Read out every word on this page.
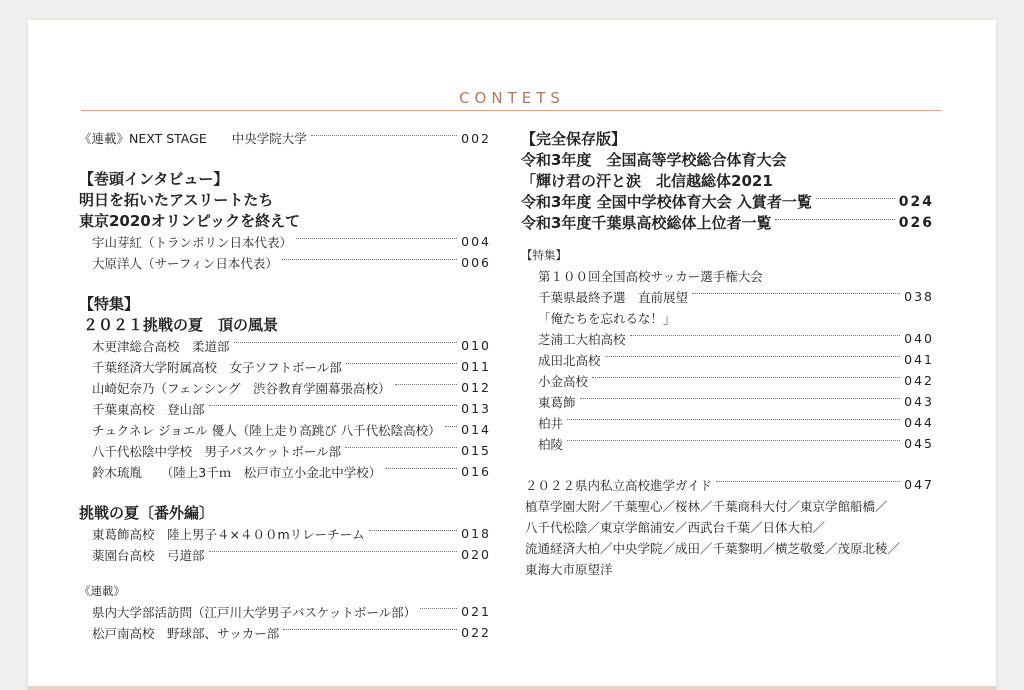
CONTETS
《連載》NEXT STAGE　　中央学院大学	002
【巻頭インタビュー】
明日を拓いたアスリートたち
東京2020オリンピックを終えて
宇山芽紅（トランポリン日本代表）	004
大原洋人（サーフィン日本代表）	006
【特集】
２０２１挑戦の夏　頂の風景
木更津総合高校　柔道部	010
千葉経済大学附属高校　女子ソフトボール部	011
山崎妃奈乃（フェンシング　渋谷教育学園幕張高校）	012
千葉東高校　登山部	013
チュクネレ ジョエル 優人（陸上走り高跳び 八千代松陰高校） 014
八千代松陰中学校　男子バスケットボール部	015
鈴木琉胤　　（陸上3千ｍ　松戸市立小金北中学校）	016
挑戦の夏〔番外編〕
東葛飾高校　陸上男子４×４００mリレーチーム	018
薬園台高校　弓道部	020
《連載》
県内大学部活訪問（江戸川大学男子バスケットボール部）	021
松戸南高校　野球部、サッカー部	022
【完全保存版】
令和3年度　全国高等学校総合体育大会
「輝け君の汗と涙　北信越総体2021
令和3年度 全国中学校体育大会 入賞者一覧	024
令和3年度千葉県高校総体上位者一覧	026
【特集】
第１００回全国高校サッカー選手権大会
千葉県最終予選　直前展望	038
「俺たちを忘れるな！」
芝浦工大柏高校	040
成田北高校	041
小金高校	042
東葛飾	043
柏井	044
柏陵	045
２０２２県内私立高校進学ガイド	047
植草学園大附／千葉聖心／桜林／千葉商科大付／東京学館船橋／
八千代松陰／東京学館浦安／西武台千葉／日体大柏／
流通経済大柏／中央学院／成田／千葉黎明／横芝敬愛／茂原北稜／
東海大市原望洋
